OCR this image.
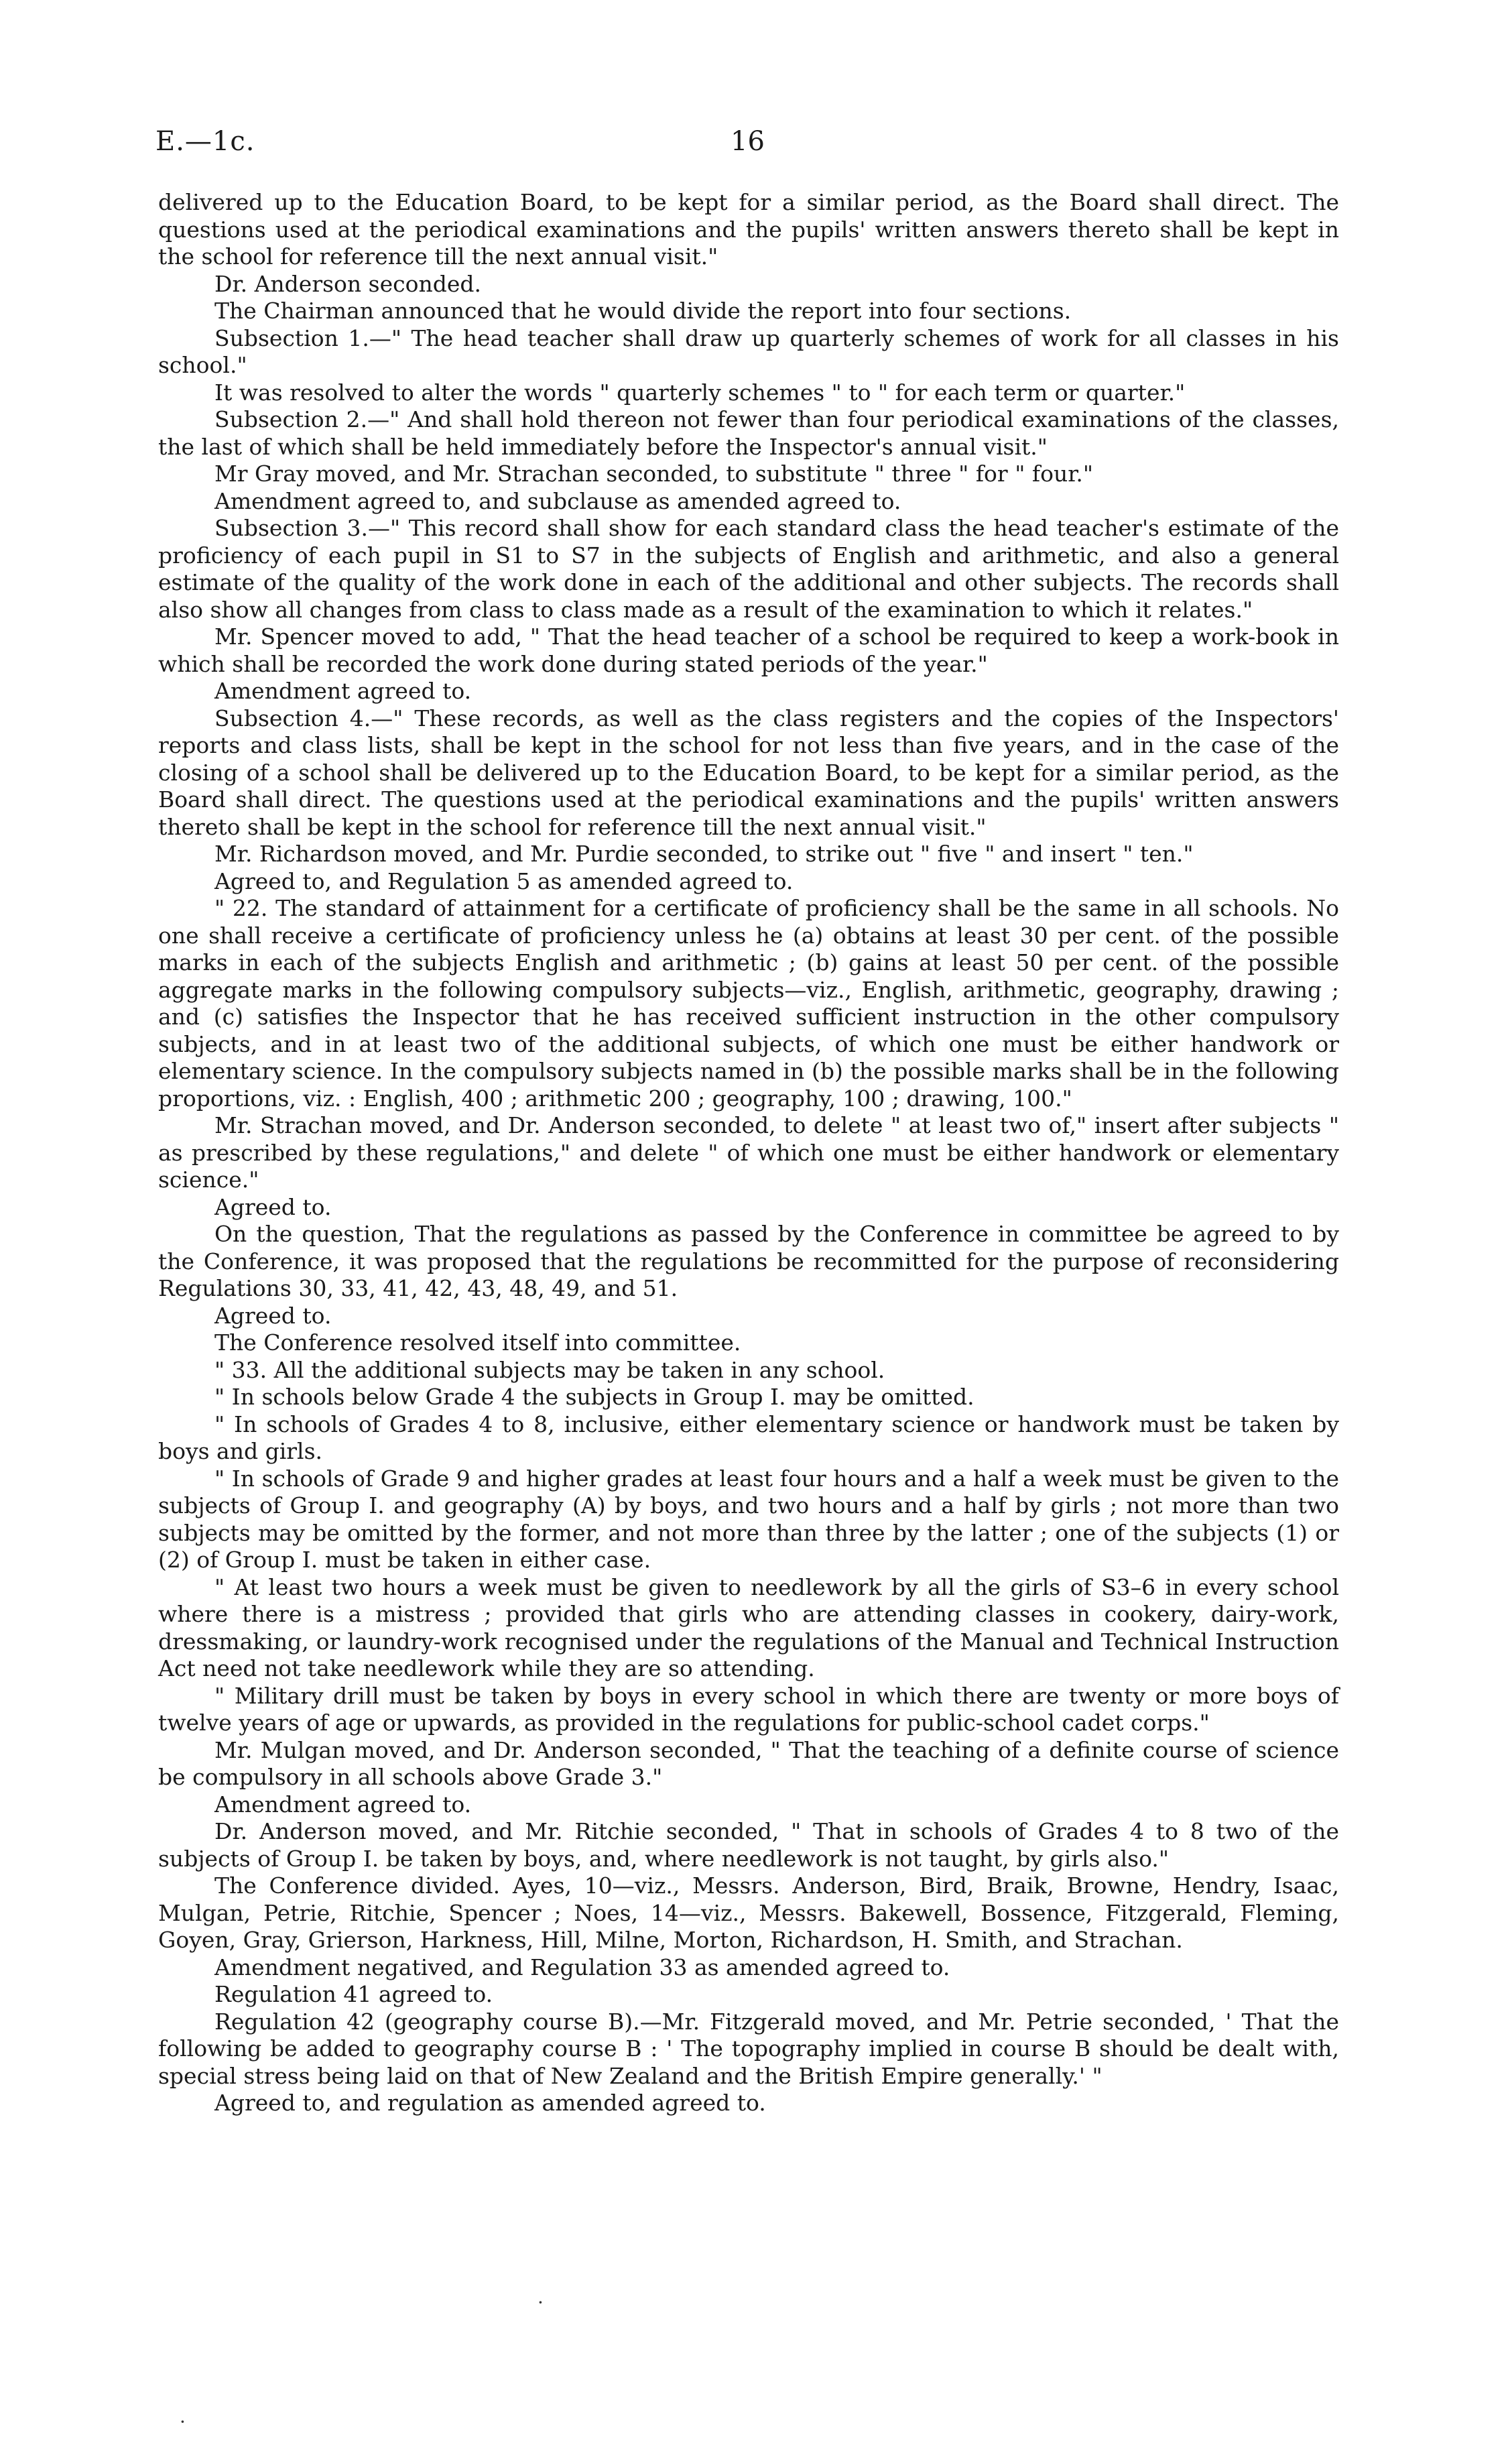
E.—1c.	16

delivered up to the Education Board, to be kept for a similar period, as the Board shall direct. The questions used at the periodical examinations and the pupils' written answers thereto shall be kept in the school for reference till the next annual visit."

Dr. Anderson seconded.

The Chairman announced that he would divide the report into four sections.

Subsection 1.—" The head teacher shall draw up quarterly schemes of work for all classes in his school."

It was resolved to alter the words " quarterly schemes " to " for each term or quarter."

Subsection 2.—" And shall hold thereon not fewer than four periodical examinations of the classes, the last of which shall be held immediately before the Inspector's annual visit."

Mr Gray moved, and Mr. Strachan seconded, to substitute " three " for " four."

Amendment agreed to, and subclause as amended agreed to.

Subsection 3.—" This record shall show for each standard class the head teacher's estimate of the proficiency of each pupil in S1 to S7 in the subjects of English and arithmetic, and also a general estimate of the quality of the work done in each of the additional and other subjects. The records shall also show all changes from class to class made as a result of the examination to which it relates."

Mr. Spencer moved to add, " That the head teacher of a school be required to keep a work-book in which shall be recorded the work done during stated periods of the year."

Amendment agreed to.

Subsection 4.—" These records, as well as the class registers and the copies of the Inspectors' reports and class lists, shall be kept in the school for not less than five years, and in the case of the closing of a school shall be delivered up to the Education Board, to be kept for a similar period, as the Board shall direct. The questions used at the periodical examinations and the pupils' written answers thereto shall be kept in the school for reference till the next annual visit."

Mr. Richardson moved, and Mr. Purdie seconded, to strike out " five " and insert " ten."

Agreed to, and Regulation 5 as amended agreed to.

" 22. The standard of attainment for a certificate of proficiency shall be the same in all schools. No one shall receive a certificate of proficiency unless he (a) obtains at least 30 per cent. of the possible marks in each of the subjects English and arithmetic ; (b) gains at least 50 per cent. of the possible aggregate marks in the following compulsory subjects—viz., English, arithmetic, geography, drawing ; and (c) satisfies the Inspector that he has received sufficient instruction in the other compulsory subjects, and in at least two of the additional subjects, of which one must be either handwork or elementary science. In the compulsory subjects named in (b) the possible marks shall be in the following proportions, viz. : English, 400 ; arithmetic 200 ; geography, 100 ; drawing, 100."

Mr. Strachan moved, and Dr. Anderson seconded, to delete " at least two of," insert after subjects " as prescribed by these regulations," and delete " of which one must be either handwork or elementary science."

Agreed to.

On the question, That the regulations as passed by the Conference in committee be agreed to by the Conference, it was proposed that the regulations be recommitted for the purpose of reconsidering Regulations 30, 33, 41, 42, 43, 48, 49, and 51.

Agreed to.

The Conference resolved itself into committee.

" 33. All the additional subjects may be taken in any school.

" In schools below Grade 4 the subjects in Group I. may be omitted.

" In schools of Grades 4 to 8, inclusive, either elementary science or handwork must be taken by boys and girls.

" In schools of Grade 9 and higher grades at least four hours and a half a week must be given to the subjects of Group I. and geography (A) by boys, and two hours and a half by girls ; not more than two subjects may be omitted by the former, and not more than three by the latter ; one of the subjects (1) or (2) of Group I. must be taken in either case.

" At least two hours a week must be given to needlework by all the girls of S3–6 in every school where there is a mistress ; provided that girls who are attending classes in cookery, dairy-work, dressmaking, or laundry-work recognised under the regulations of the Manual and Technical Instruction Act need not take needlework while they are so attending.

" Military drill must be taken by boys in every school in which there are twenty or more boys of twelve years of age or upwards, as provided in the regulations for public-school cadet corps."

Mr. Mulgan moved, and Dr. Anderson seconded, " That the teaching of a definite course of science be compulsory in all schools above Grade 3."

Amendment agreed to.

Dr. Anderson moved, and Mr. Ritchie seconded, " That in schools of Grades 4 to 8 two of the subjects of Group I. be taken by boys, and, where needlework is not taught, by girls also."

The Conference divided. Ayes, 10—viz., Messrs. Anderson, Bird, Braik, Browne, Hendry, Isaac, Mulgan, Petrie, Ritchie, Spencer ; Noes, 14—viz., Messrs. Bakewell, Bossence, Fitzgerald, Fleming, Goyen, Gray, Grierson, Harkness, Hill, Milne, Morton, Richardson, H. Smith, and Strachan.

Amendment negatived, and Regulation 33 as amended agreed to.

Regulation 41 agreed to.

Regulation 42 (geography course B).—Mr. Fitzgerald moved, and Mr. Petrie seconded, ' That the following be added to geography course B : ' The topography implied in course B should be dealt with, special stress being laid on that of New Zealand and the British Empire generally.' "

Agreed to, and regulation as amended agreed to.

·
·
